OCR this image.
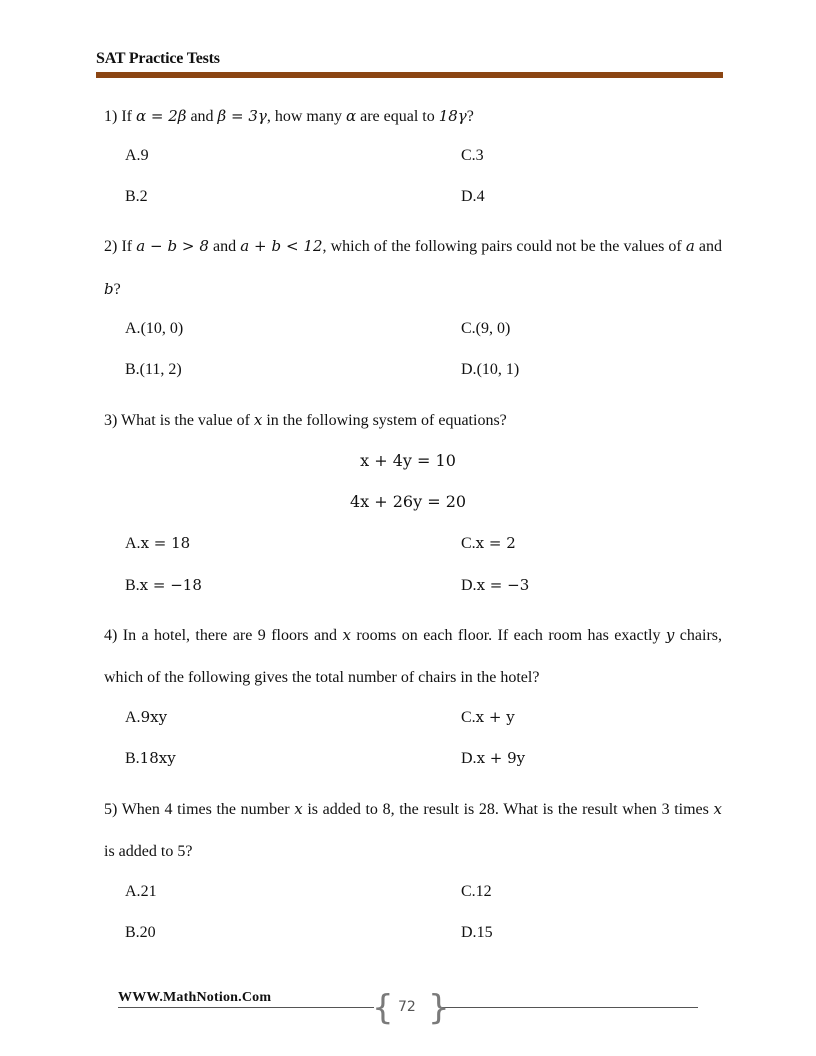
SAT Practice Tests
1) If α = 2β and β = 3γ, how many α are equal to 18γ?
A.9	C.3
B.2	D.4
2) If a − b > 8 and a + b < 12, which of the following pairs could not be the values of a and b?
A.(10, 0)	C.(9, 0)
B.(11, 2)	D.(10, 1)
3) What is the value of x in the following system of equations?
x + 4y = 10
4x + 26y = 20
A.x = 18	C.x = 2
B.x = −18	D.x = −3
4) In a hotel, there are 9 floors and x rooms on each floor. If each room has exactly y chairs, which of the following gives the total number of chairs in the hotel?
A.9xy	C.x + y
B.18xy	D.x + 9y
5) When 4 times the number x is added to 8, the result is 28. What is the result when 3 times x is added to 5?
A.21	C.12
B.20	D.15
WWW.MathNotion.Com	{ }
72
